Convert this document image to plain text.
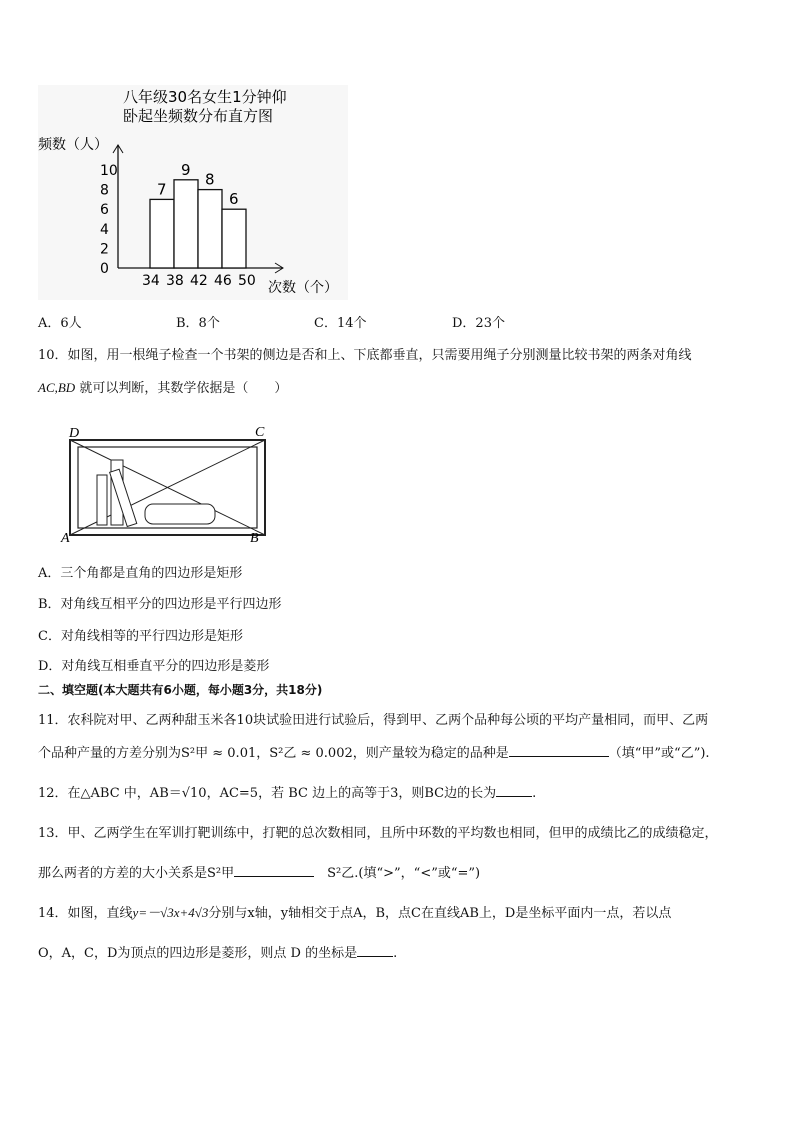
八年级30名女生1分钟仰
卧起坐频数分布直方图
频数（人）
次数（个）
0
2
4
6
8
10
34 38 42 46 50
7
9
8
6
A．6人	B．8个	C．14个	D．23个
10．如图，用一根绳子检查一个书架的侧边是否和上、下底都垂直，只需要用绳子分别测量比较书架的两条对角线
AC,BD 就可以判断，其数学依据是（　　）
D	C
A	B
A．三个角都是直角的四边形是矩形
B．对角线互相平分的四边形是平行四边形
C．对角线相等的平行四边形是矩形
D．对角线互相垂直平分的四边形是菱形
二、填空题(本大题共有6小题，每小题3分，共18分)
11．农科院对甲、乙两种甜玉米各10块试验田进行试验后，得到甲、乙两个品种每公顷的平均产量相同，而甲、乙两
个品种产量的方差分别为S²甲 ≈ 0.01，S²乙 ≈ 0.002，则产量较为稳定的品种是	（填“甲”或“乙”).
12．在△ABC 中，AB＝√10，AC=5，若 BC 边上的高等于3，则BC边的长为	.
13．甲、乙两学生在军训打靶训练中，打靶的总次数相同，且所中环数的平均数也相同，但甲的成绩比乙的成绩稳定，
那么两者的方差的大小关系是S²甲　	S²乙.(填“>”，“<”或“=”)
14．如图，直线y=－√3x+4√3分别与x轴，y轴相交于点A，B，点C在直线AB上，D是坐标平面内一点，若以点
O，A，C，D为顶点的四边形是菱形，则点 D 的坐标是	.
